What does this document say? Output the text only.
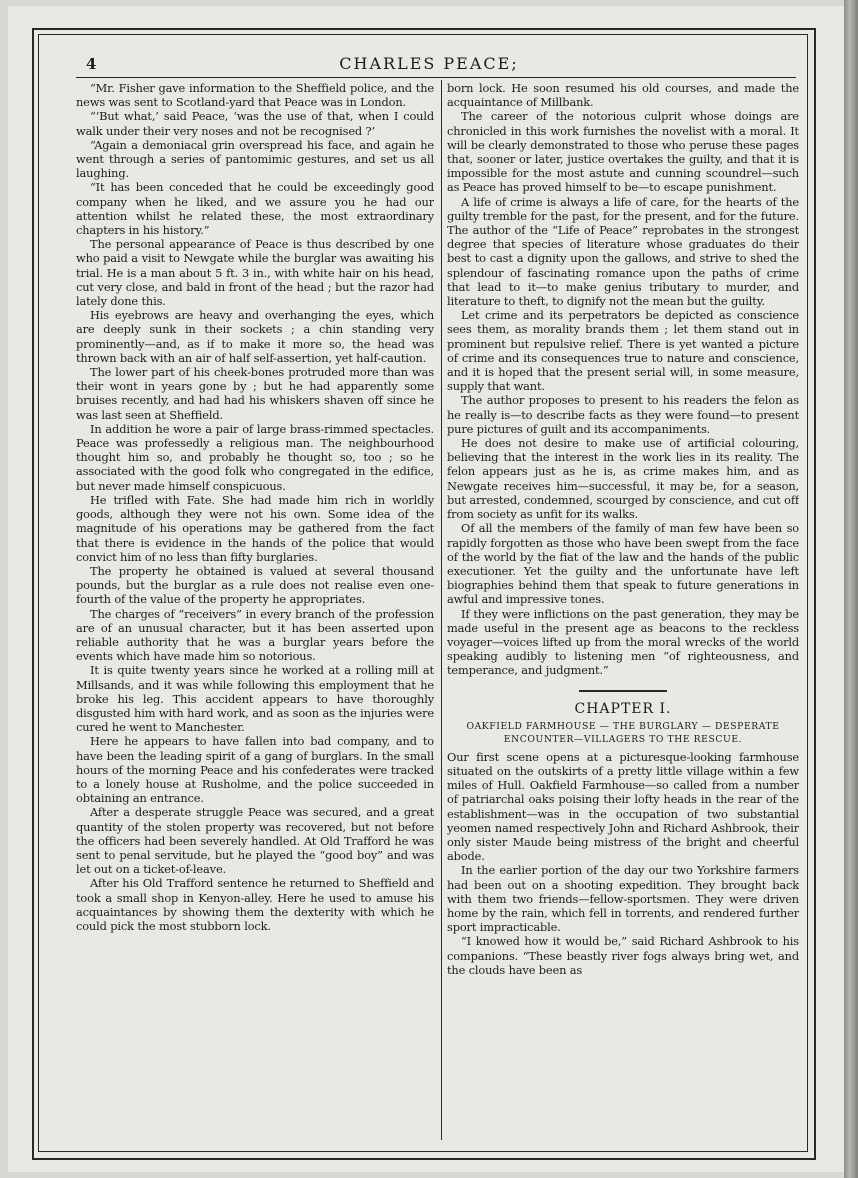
4	CHARLES PEACE;

“Mr. Fisher gave information to the Sheffield police, and the news was sent to Scotland-yard that Peace was in London.

“‘But what,’ said Peace, ‘was the use of that, when I could walk under their very noses and not be recognised ?’

“Again a demoniacal grin overspread his face, and again he went through a series of pantomimic gestures, and set us all laughing.

“It has been conceded that he could be exceedingly good company when he liked, and we assure you he had our attention whilst he related these, the most extraordinary chapters in his history.”

The personal appearance of Peace is thus described by one who paid a visit to Newgate while the burglar was awaiting his trial. He is a man about 5 ft. 3 in., with white hair on his head, cut very close, and bald in front of the head ; but the razor had lately done this.

His eyebrows are heavy and overhanging the eyes, which are deeply sunk in their sockets ; a chin standing very prominently—and, as if to make it more so, the head was thrown back with an air of half self-assertion, yet half-caution.

The lower part of his cheek-bones protruded more than was their wont in years gone by ; but he had apparently some bruises recently, and had had his whiskers shaven off since he was last seen at Sheffield.

In addition he wore a pair of large brass-rimmed spectacles. Peace was professedly a religious man. The neighbourhood thought him so, and probably he thought so, too ; so he associated with the good folk who congregated in the edifice, but never made himself conspicuous.

He trifled with Fate. She had made him rich in worldly goods, although they were not his own. Some idea of the magnitude of his operations may be gathered from the fact that there is evidence in the hands of the police that would convict him of no less than fifty burglaries.

The property he obtained is valued at several thousand pounds, but the burglar as a rule does not realise even one-fourth of the value of the property he appropriates.

The charges of “receivers” in every branch of the profession are of an unusual character, but it has been asserted upon reliable authority that he was a burglar years before the events which have made him so notorious.

It is quite twenty years since he worked at a rolling mill at Millsands, and it was while following this employment that he broke his leg. This accident appears to have thoroughly disgusted him with hard work, and as soon as the injuries were cured he went to Manchester.

Here he appears to have fallen into bad company, and to have been the leading spirit of a gang of burglars. In the small hours of the morning Peace and his confederates were tracked to a lonely house at Rusholme, and the police succeeded in obtaining an entrance.

After a desperate struggle Peace was secured, and a great quantity of the stolen property was recovered, but not before the officers had been severely handled. At Old Trafford he was sent to penal servitude, but he played the “good boy” and was let out on a ticket-of-leave.

After his Old Trafford sentence he returned to Sheffield and took a small shop in Kenyon-alley. Here he used to amuse his acquaintances by showing them the dexterity with which he could pick the most stubborn lock.

born lock. He soon resumed his old courses, and made the acquaintance of Millbank.

The career of the notorious culprit whose doings are chronicled in this work furnishes the novelist with a moral. It will be clearly demonstrated to those who peruse these pages that, sooner or later, justice overtakes the guilty, and that it is impossible for the most astute and cunning scoundrel—such as Peace has proved himself to be—to escape punishment.

A life of crime is always a life of care, for the hearts of the guilty tremble for the past, for the present, and for the future. The author of the “Life of Peace” reprobates in the strongest degree that species of literature whose graduates do their best to cast a dignity upon the gallows, and strive to shed the splendour of fascinating romance upon the paths of crime that lead to it—to make genius tributary to murder, and literature to theft, to dignify not the mean but the guilty.

Let crime and its perpetrators be depicted as conscience sees them, as morality brands them ; let them stand out in prominent but repulsive relief. There is yet wanted a picture of crime and its consequences true to nature and conscience, and it is hoped that the present serial will, in some measure, supply that want.

The author proposes to present to his readers the felon as he really is—to describe facts as they were found—to present pure pictures of guilt and its accompaniments.

He does not desire to make use of artificial colouring, believing that the interest in the work lies in its reality. The felon appears just as he is, as crime makes him, and as Newgate receives him—successful, it may be, for a season, but arrested, condemned, scourged by conscience, and cut off from society as unfit for its walks.

Of all the members of the family of man few have been so rapidly forgotten as those who have been swept from the face of the world by the fiat of the law and the hands of the public executioner. Yet the guilty and the unfortunate have left biographies behind them that speak to future generations in awful and impressive tones.

If they were inflictions on the past generation, they may be made useful in the present age as beacons to the reckless voyager—voices lifted up from the moral wrecks of the world speaking audibly to listening men “of righteousness, and temperance, and judgment.”

CHAPTER I.
OAKFIELD FARMHOUSE — THE BURGLARY — DESPERATE ENCOUNTER—VILLAGERS TO THE RESCUE.

Our first scene opens at a picturesque-looking farmhouse situated on the outskirts of a pretty little village within a few miles of Hull. Oakfield Farmhouse—so called from a number of patriarchal oaks poising their lofty heads in the rear of the establishment—was in the occupation of two substantial yeomen named respectively John and Richard Ashbrook, their only sister Maude being mistress of the bright and cheerful abode.

In the earlier portion of the day our two Yorkshire farmers had been out on a shooting expedition. They brought back with them two friends—fellow-sportsmen. They were driven home by the rain, which fell in torrents, and rendered further sport impracticable.

“I knowed how it would be,” said Richard Ashbrook to his companions. “These beastly river fogs always bring wet, and the clouds have been as
